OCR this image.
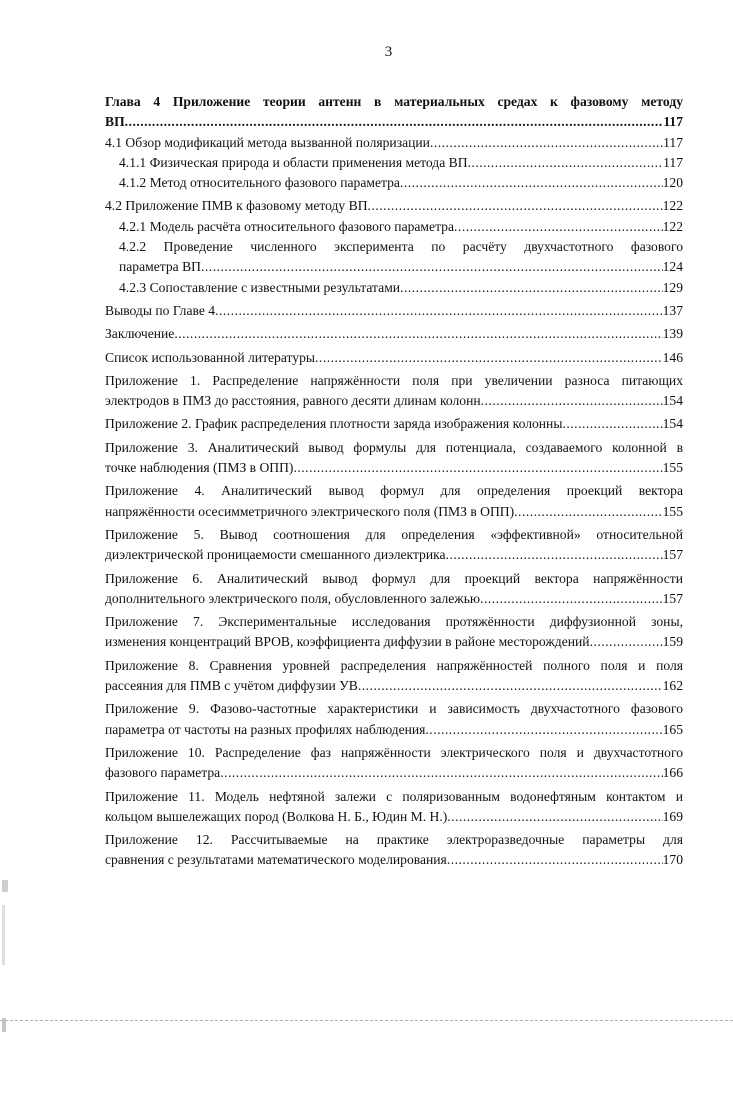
3
Глава 4 Приложение теории антенн в материальных средах к фазовому методу
ВП .....	117
4.1 Обзор модификаций метода вызванной поляризации .....	117
4.1.1 Физическая природа и области применения метода ВП .....	117
4.1.2 Метод относительного фазового параметра .....	120
4.2 Приложение ПМВ к фазовому методу ВП .....	122
4.2.1 Модель расчёта относительного фазового параметра .....	122
4.2.2 Проведение численного эксперимента по расчёту двухчастотного фазового
параметра ВП .....	124
4.2.3 Сопоставление с известными результатами .....	129
Выводы по Главе 4 .....	137
Заключение .....	139
Список использованной литературы .....	146
Приложение 1. Распределение напряжённости поля при увеличении разноса питающих
электродов в ПМЗ до расстояния, равного десяти длинам колонн .....	154
Приложение 2. График распределения плотности заряда изображения колонны .....	154
Приложение 3. Аналитический вывод формулы для потенциала, создаваемого колонной в
точке наблюдения (ПМЗ в ОПП) .....	155
Приложение 4. Аналитический вывод формул для определения проекций вектора
напряжённости осесимметричного электрического поля (ПМЗ в ОПП) .....	155
Приложение 5. Вывод соотношения для определения «эффективной» относительной
диэлектрической проницаемости смешанного диэлектрика .....	157
Приложение 6. Аналитический вывод формул для проекций вектора напряжённости
дополнительного электрического поля, обусловленного залежью .....	157
Приложение 7. Экспериментальные исследования протяжённости диффузионной зоны,
изменения концентраций ВРОВ, коэффициента диффузии в районе месторождений .....	159
Приложение 8. Сравнения уровней распределения напряжённостей полного поля и поля
рассеяния для ПМВ с учётом диффузии УВ .....	162
Приложение 9. Фазово-частотные характеристики и зависимость двухчастотного фазового
параметра от частоты на разных профилях наблюдения .....	165
Приложение 10. Распределение фаз напряжённости электрического поля и двухчастотного
фазового параметра .....	166
Приложение 11. Модель нефтяной залежи с поляризованным водонефтяным контактом и
кольцом вышележащих пород (Волкова Н. Б., Юдин М. Н.) .....	169
Приложение 12. Рассчитываемые на практике электроразведочные параметры для
сравнения с результатами математического моделирования .....	170
